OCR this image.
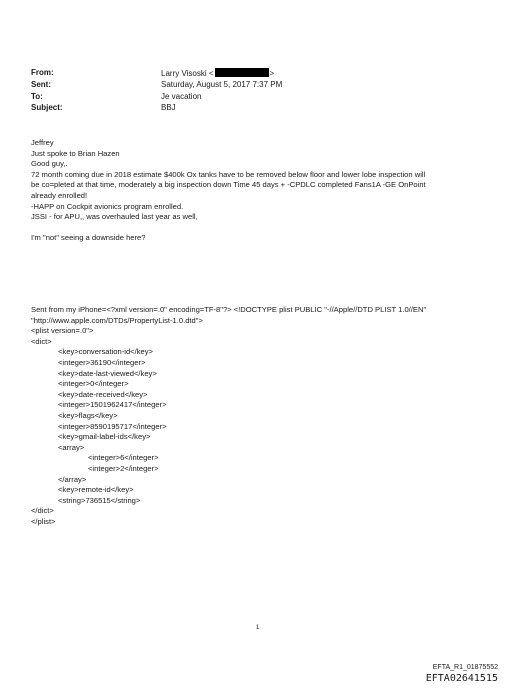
From:	Larry Visoski <	>
Sent:	Saturday, August 5, 2017 7:37 PM
To:	Je vacation
Subject:	BBJ
Jeffrey
Just spoke to Brian Hazen
Good guy,.
72 month coming due in 2018 estimate $400k Ox tanks have to be removed below floor and lower lobe inspection will
be co=pleted at that time, moderately a big inspection down Time 45 days + -CPDLC completed Fans1A -GE OnPoint
already enrolled!
-HAPP on Cockpit avionics program enrolled.
JSSI - for APU,, was overhauled last year as well,
I'm "not" seeing a downside here?
Sent from my iPhone=<?xml version=.0" encoding=TF-8"?> <!DOCTYPE plist PUBLIC "-//Apple//DTD PLIST 1.0//EN"
"http://www.apple.com/DTDs/PropertyList-1.0.dtd">
<plist version=.0">
<dict>
<key>conversation-id</key>
<integer>36190</integer>
<key>date-last-viewed</key>
<integer>0</integer>
<key>date-received</key>
<integer>1501962417</integer>
<key>flags</key>
<integer>8590195717</integer>
<key>gmail-label-ids</key>
<array>
<integer>6</integer>
<integer>2</integer>
</array>
<key>remote-id</key>
<string>736515</string>
</dict>
</plist>
1
EFTA_R1_01875552
EFTA02641515
